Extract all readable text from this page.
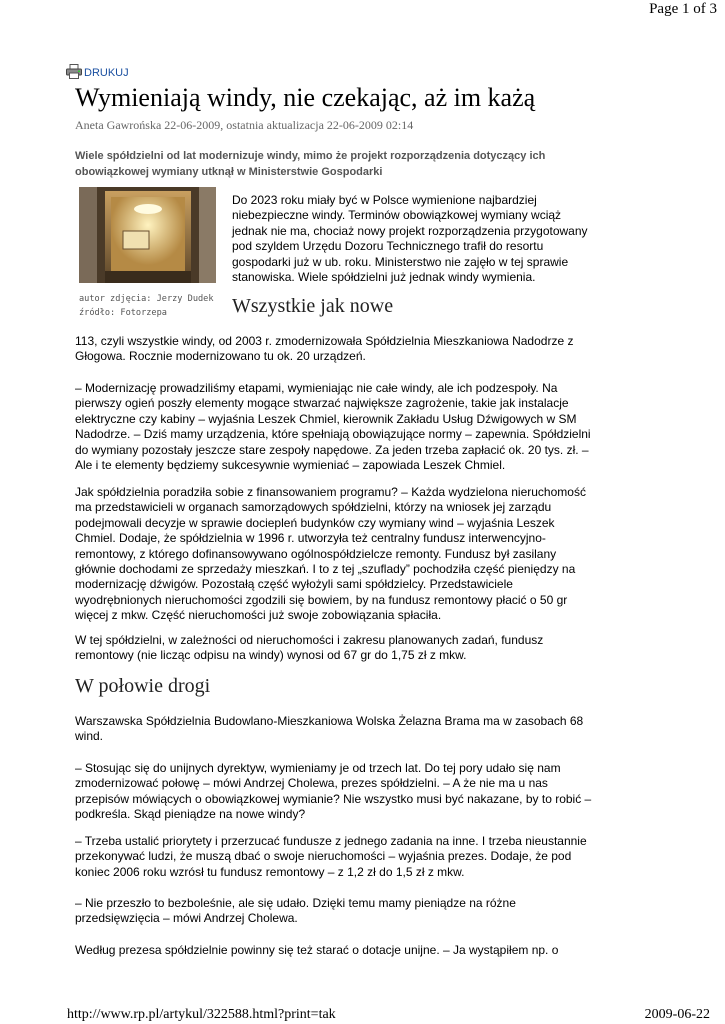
Page 1 of 3
DRUKUJ
Wymieniają windy, nie czekając, aż im każą
Aneta Gawrońska 22-06-2009, ostatnia aktualizacja 22-06-2009 02:14

Wiele spółdzielni od lat modernizuje windy, mimo że projekt rozporządzenia dotyczący ich obowiązkowej wymiany utknął w Ministerstwie Gospodarki

autor zdjęcia: Jerzy Dudek
źródło: Fotorzepa

Do 2023 roku miały być w Polsce wymienione najbardziej niebezpieczne windy. Terminów obowiązkowej wymiany wciąż jednak nie ma, chociaż nowy projekt rozporządzenia przygotowany pod szyldem Urzędu Dozoru Technicznego trafił do resortu gospodarki już w ub. roku. Ministerstwo nie zajęło w tej sprawie stanowiska. Wiele spółdzielni już jednak windy wymienia.

Wszystkie jak nowe

113, czyli wszystkie windy, od 2003 r. zmodernizowała Spółdzielnia Mieszkaniowa Nadodrze z Głogowa. Rocznie modernizowano tu ok. 20 urządzeń.

– Modernizację prowadziliśmy etapami, wymieniając nie całe windy, ale ich podzespoły. Na pierwszy ogień poszły elementy mogące stwarzać największe zagrożenie, takie jak instalacje elektryczne czy kabiny – wyjaśnia Leszek Chmiel, kierownik Zakładu Usług Dźwigowych w SM Nadodrze. – Dziś mamy urządzenia, które spełniają obowiązujące normy – zapewnia. Spółdzielni do wymiany pozostały jeszcze stare zespoły napędowe. Za jeden trzeba zapłacić ok. 20 tys. zł. – Ale i te elementy będziemy sukcesywnie wymieniać – zapowiada Leszek Chmiel.

Jak spółdzielnia poradziła sobie z finansowaniem programu? – Każda wydzielona nieruchomość ma przedstawicieli w organach samorządowych spółdzielni, którzy na wniosek jej zarządu podejmowali decyzje w sprawie dociepleń budynków czy wymiany wind – wyjaśnia Leszek Chmiel. Dodaje, że spółdzielnia w 1996 r. utworzyła też centralny fundusz interwencyjno-remontowy, z którego dofinansowywano ogólnospółdzielcze remonty. Fundusz był zasilany głównie dochodami ze sprzedaży mieszkań. I to z tej „szuflady” pochodziła część pieniędzy na modernizację dźwigów. Pozostałą część wyłożyli sami spółdzielcy. Przedstawiciele wyodrębnionych nieruchomości zgodzili się bowiem, by na fundusz remontowy płacić o 50 gr więcej z mkw. Część nieruchomości już swoje zobowiązania spłaciła.

W tej spółdzielni, w zależności od nieruchomości i zakresu planowanych zadań, fundusz remontowy (nie licząc odpisu na windy) wynosi od 67 gr do 1,75 zł z mkw.

W połowie drogi

Warszawska Spółdzielnia Budowlano-Mieszkaniowa Wolska Żelazna Brama ma w zasobach 68 wind.

– Stosując się do unijnych dyrektyw, wymieniamy je od trzech lat. Do tej pory udało się nam zmodernizować połowę – mówi Andrzej Cholewa, prezes spółdzielni. – A że nie ma u nas przepisów mówiących o obowiązkowej wymianie? Nie wszystko musi być nakazane, by to robić – podkreśla. Skąd pieniądze na nowe windy?

– Trzeba ustalić priorytety i przerzucać fundusze z jednego zadania na inne. I trzeba nieustannie przekonywać ludzi, że muszą dbać o swoje nieruchomości – wyjaśnia prezes. Dodaje, że pod koniec 2006 roku wzrósł tu fundusz remontowy – z 1,2 zł do 1,5 zł z mkw.

– Nie przeszło to bezboleśnie, ale się udało. Dzięki temu mamy pieniądze na różne przedsięwzięcia – mówi Andrzej Cholewa.

Według prezesa spółdzielnie powinny się też starać o dotacje unijne. – Ja wystąpiłem np. o

http://www.rp.pl/artykul/322588.html?print=tak	2009-06-22
